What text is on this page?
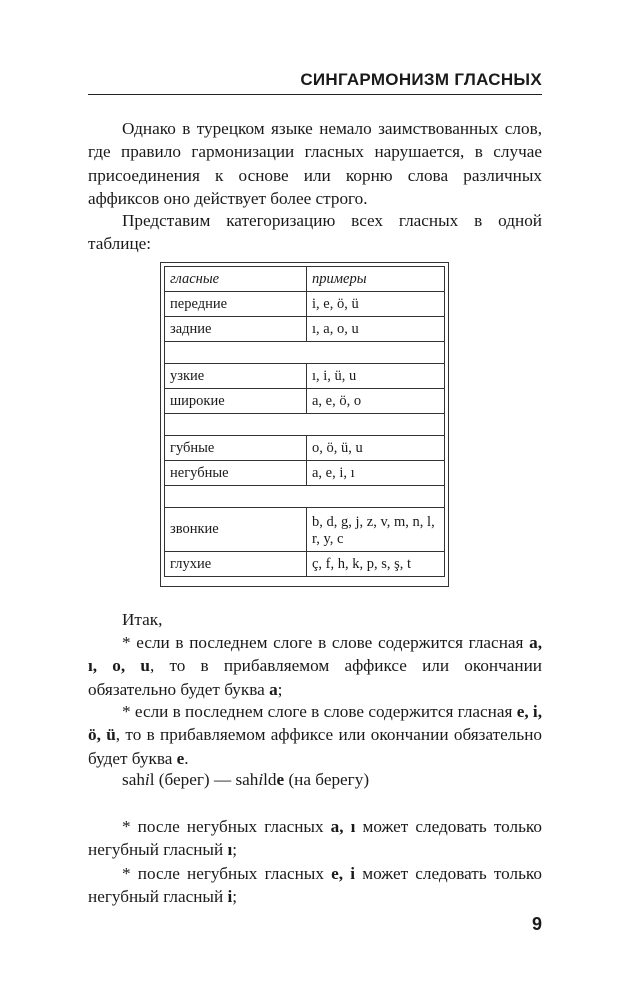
СИНГАРМОНИЗМ ГЛАСНЫХ

Однако в турецком языке немало заимствованных слов, где правило гармонизации гласных нарушается, в случае присоединения к основе или корню слова различных аффиксов оно действует более строго.

Представим категоризацию всех гласных в одной таблице:

гласные	примеры
передние	i, e, ö, ü
задние	ı, a, o, u

узкие	ı, i, ü, u
широкие	a, e, ö, o

губные	o, ö, ü, u
негубные	a, e, i, ı

звонкие	b, d, g, j, z, v, m, n, l, r, y, c
глухие	ç, f, h, k, p, s, ş, t

Итак,

* если в последнем слоге в слове содержится гласная a, ı, o, u, то в прибавляемом аффиксе или окончании обязательно будет буква a;

* если в последнем слоге в слове содержится гласная e, i, ö, ü, то в прибавляемом аффиксе или окончании обязательно будет буква e.

sahil (берег) — sahilde (на берегу)

* после негубных гласных a, ı может следовать только негубный гласный ı;

* после негубных гласных e, i может следовать только негубный гласный i;

9
